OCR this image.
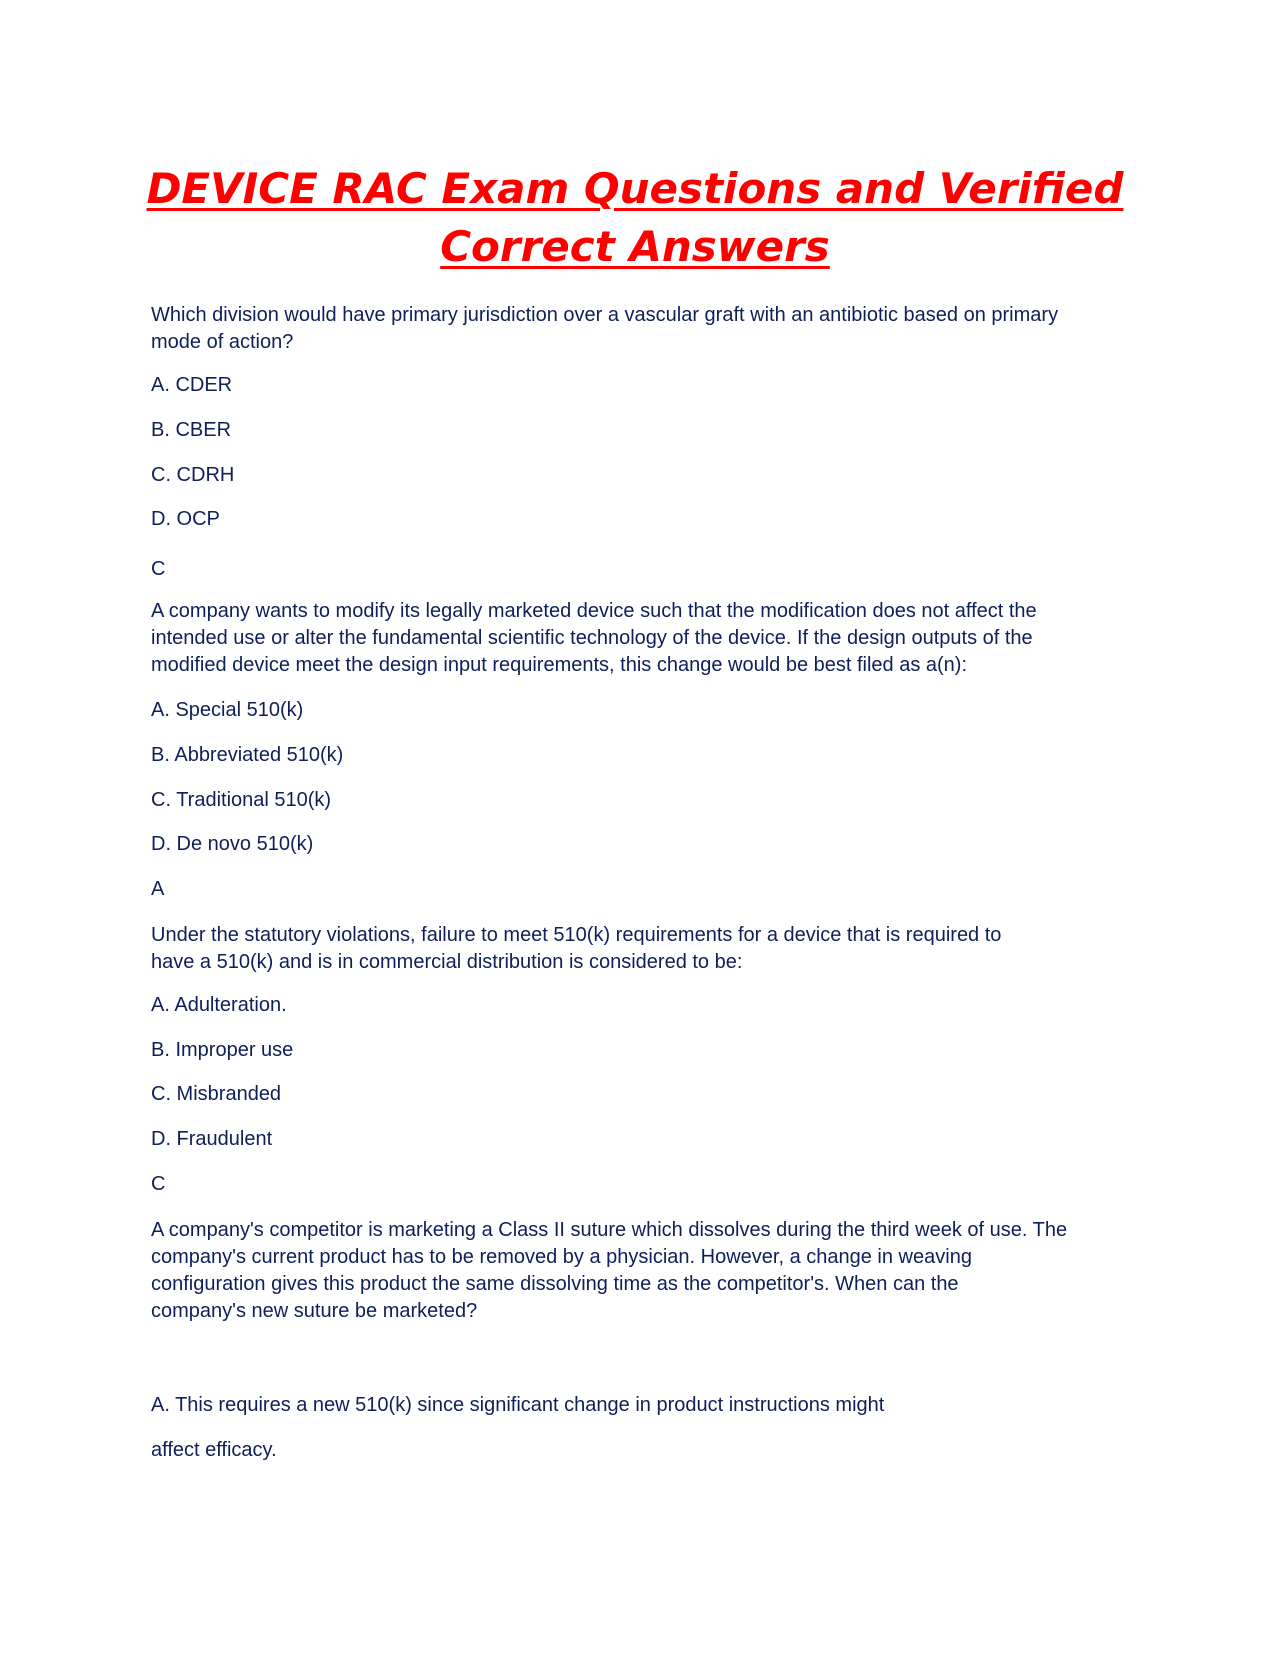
DEVICE RAC Exam Questions and Verified
Correct Answers

Which division would have primary jurisdiction over a vascular graft with an antibiotic based on primary
mode of action?

A. CDER

B. CBER

C. CDRH

D. OCP

C

A company wants to modify its legally marketed device such that the modification does not affect the
intended use or alter the fundamental scientific technology of the device. If the design outputs of the
modified device meet the design input requirements, this change would be best filed as a(n):

A. Special 510(k)

B. Abbreviated 510(k)

C. Traditional 510(k)

D. De novo 510(k)

A

Under the statutory violations, failure to meet 510(k) requirements for a device that is required to
have a 510(k) and is in commercial distribution is considered to be:

A. Adulteration.

B. Improper use

C. Misbranded

D. Fraudulent

C

A company's competitor is marketing a Class II suture which dissolves during the third week of use. The
company's current product has to be removed by a physician. However, a change in weaving
configuration gives this product the same dissolving time as the competitor's. When can the
company's new suture be marketed?

A. This requires a new 510(k) since significant change in product instructions might

affect efficacy.
